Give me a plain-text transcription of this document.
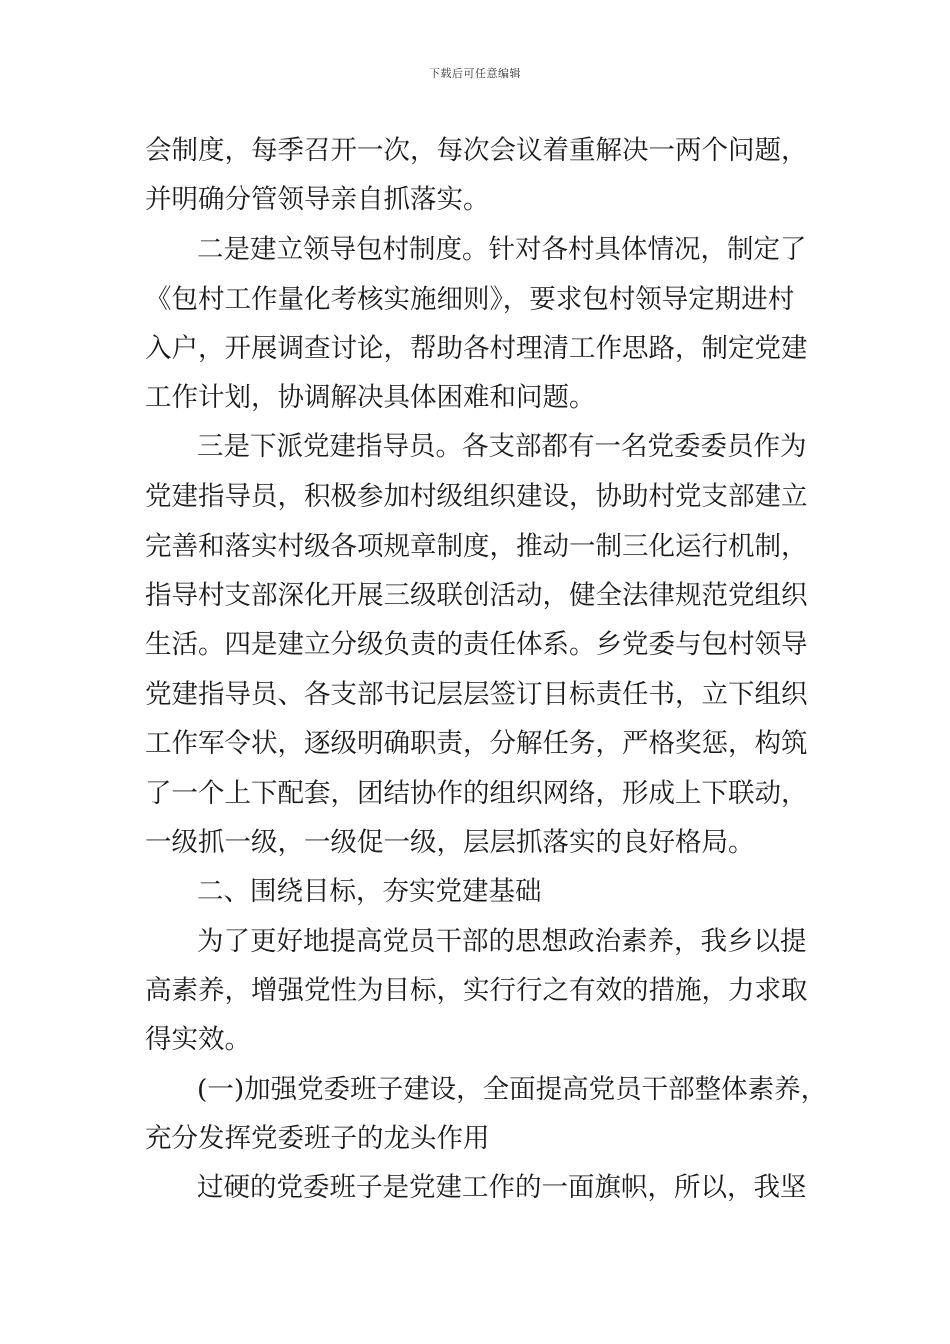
下载后可任意编辑
会制度，每季召开一次，每次会议着重解决一两个问题，
并明确分管领导亲自抓落实。
二是建立领导包村制度。针对各村具体情况，制定了
《包村工作量化考核实施细则》，要求包村领导定期进村
入户，开展调查讨论，帮助各村理清工作思路，制定党建
工作计划，协调解决具体困难和问题。
三是下派党建指导员。各支部都有一名党委委员作为
党建指导员，积极参加村级组织建设，协助村党支部建立
完善和落实村级各项规章制度，推动一制三化运行机制，
指导村支部深化开展三级联创活动，健全法律规范党组织
生活。四是建立分级负责的责任体系。乡党委与包村领导
党建指导员、各支部书记层层签订目标责任书，立下组织
工作军令状，逐级明确职责，分解任务，严格奖惩，构筑
了一个上下配套，团结协作的组织网络，形成上下联动，
一级抓一级，一级促一级，层层抓落实的良好格局。
二、围绕目标，夯实党建基础
为了更好地提高党员干部的思想政治素养，我乡以提
高素养，增强党性为目标，实行行之有效的措施，力求取
得实效。
(一)加强党委班子建设，全面提高党员干部整体素养，
充分发挥党委班子的龙头作用
过硬的党委班子是党建工作的一面旗帜，所以，我坚
